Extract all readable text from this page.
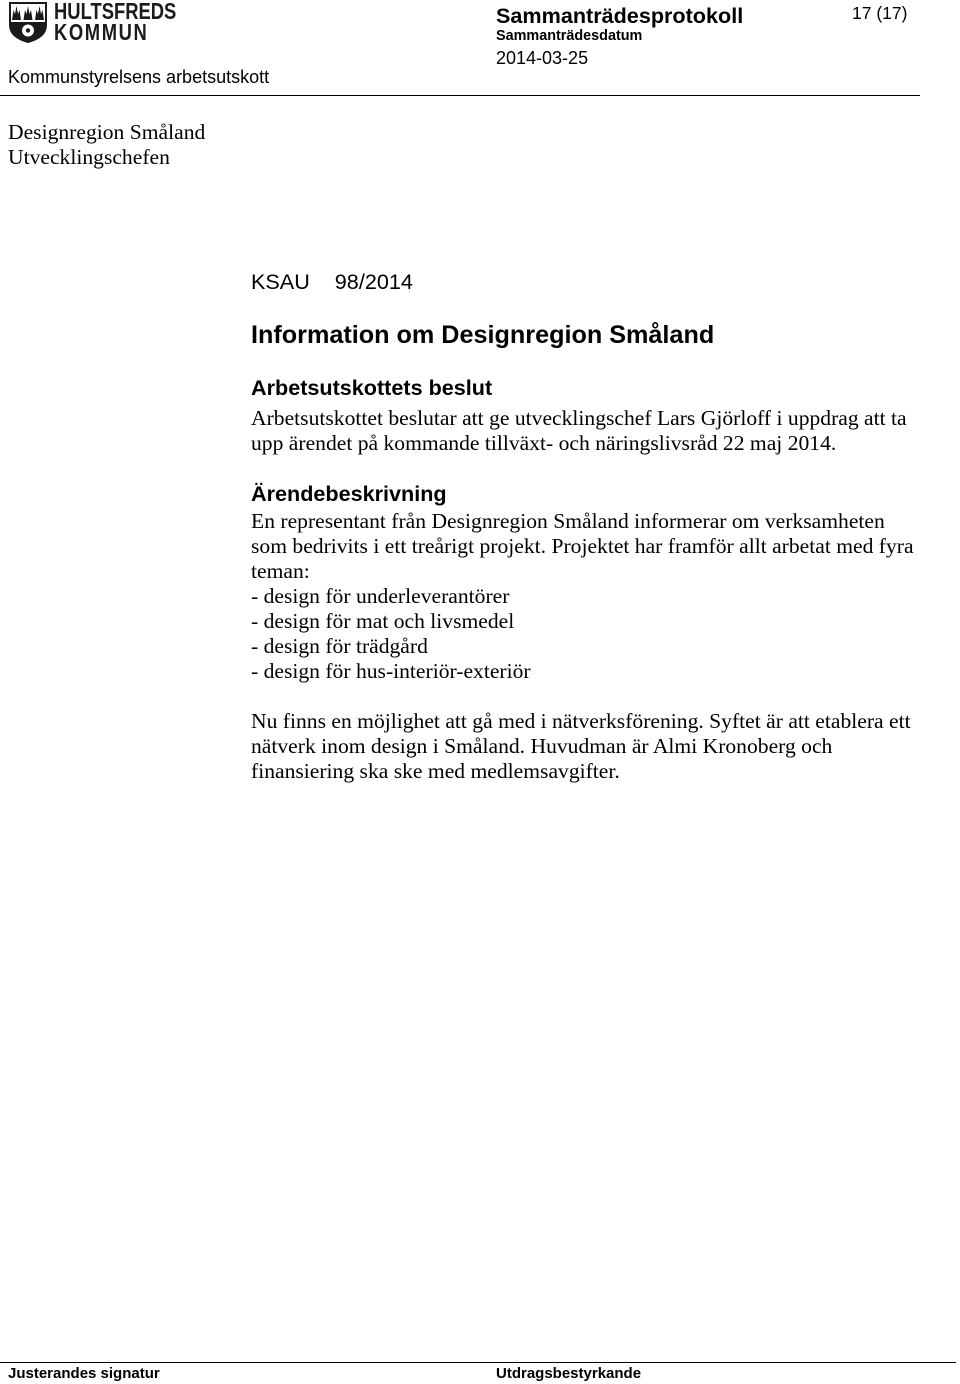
HULTSFREDS
KOMMUN
Sammanträdesprotokoll	17 (17)
Sammanträdesdatum
2014-03-25
Kommunstyrelsens arbetsutskott
Designregion Småland
Utvecklingschefen
KSAU 98/2014
Information om Designregion Småland
Arbetsutskottets beslut
Arbetsutskottet beslutar att ge utvecklingschef Lars Gjörloff i uppdrag att ta
upp ärendet på kommande tillväxt- och näringslivsråd 22 maj 2014.
Ärendebeskrivning
En representant från Designregion Småland informerar om verksamheten
som bedrivits i ett treårigt projekt. Projektet har framför allt arbetat med fyra
teman:
- design för underleverantörer
- design för mat och livsmedel
- design för trädgård
- design för hus-interiör-exteriör
Nu finns en möjlighet att gå med i nätverksförening. Syftet är att etablera ett
nätverk inom design i Småland. Huvudman är Almi Kronoberg och
finansiering ska ske med medlemsavgifter.
Justerandes signatur	Utdragsbestyrkande
